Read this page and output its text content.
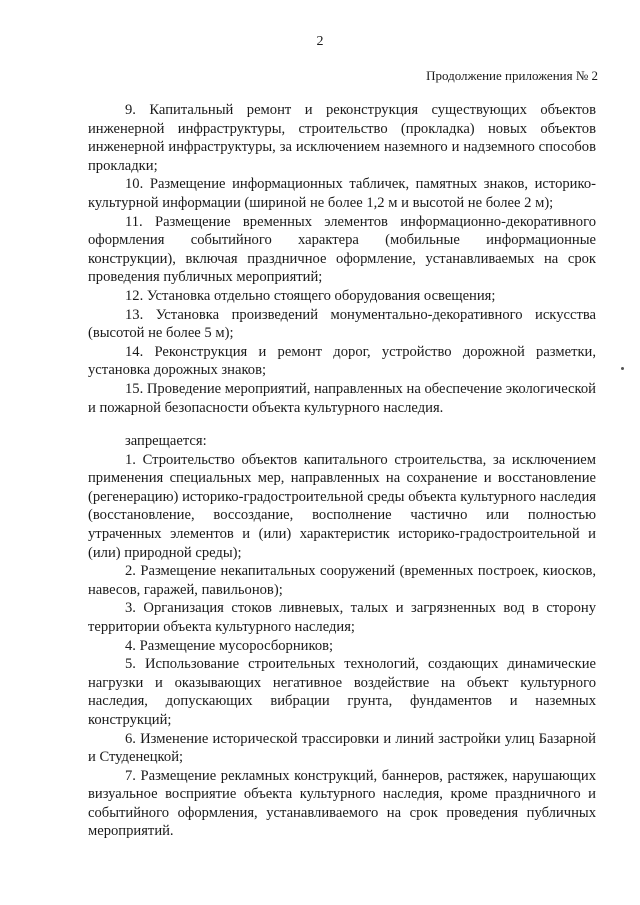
2
Продолжение приложения № 2

9. Капитальный ремонт и реконструкция существующих объектов инженерной инфраструктуры, строительство (прокладка) новых объектов инженерной инфраструктуры, за исключением наземного и надземного способов прокладки;

10. Размещение информационных табличек, памятных знаков, историко-культурной информации (шириной не более 1,2 м и высотой не более 2 м);

11. Размещение временных элементов информационно-декоративного оформления событийного характера (мобильные информационные конструкции), включая праздничное оформление, устанавливаемых на срок проведения публичных мероприятий;

12. Установка отдельно стоящего оборудования освещения;

13. Установка произведений монументально-декоративного искусства (высотой не более 5 м);

14. Реконструкция и ремонт дорог, устройство дорожной разметки, установка дорожных знаков;

15. Проведение мероприятий, направленных на обеспечение экологической и пожарной безопасности объекта культурного наследия.

запрещается:

1. Строительство объектов капитального строительства, за исключением применения специальных мер, направленных на сохранение и восстановление (регенерацию) историко-градостроительной среды объекта культурного наследия (восстановление, воссоздание, восполнение частично или полностью утраченных элементов и (или) характеристик историко-градостроительной и (или) природной среды);

2. Размещение некапитальных сооружений (временных построек, киосков, навесов, гаражей, павильонов);

3. Организация стоков ливневых, талых и загрязненных вод в сторону территории объекта культурного наследия;

4. Размещение мусоросборников;

5. Использование строительных технологий, создающих динамические нагрузки и оказывающих негативное воздействие на объект культурного наследия, допускающих вибрации грунта, фундаментов и наземных конструкций;

6. Изменение исторической трассировки и линий застройки улиц Базарной и Студенецкой;

7. Размещение рекламных конструкций, баннеров, растяжек, нарушающих визуальное восприятие объекта культурного наследия, кроме праздничного и событийного оформления, устанавливаемого на срок проведения публичных мероприятий.
